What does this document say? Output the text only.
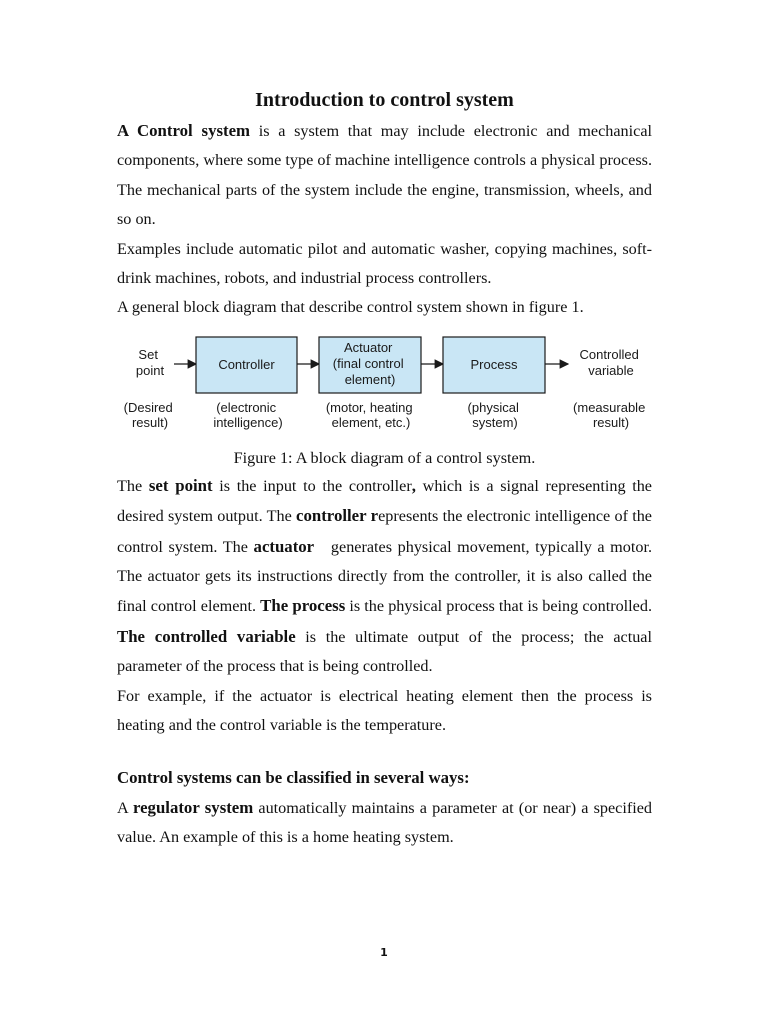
Introduction to control system

A Control system is a system that may include electronic and mechanical components, where some type of machine intelligence controls a physical process. The mechanical parts of the system include the engine, transmission, wheels, and so on.

Examples include automatic pilot and automatic washer, copying machines, soft-drink machines, robots, and industrial process controllers.

A general block diagram that describe control system shown in figure 1.

Set point
(Desired result)
Controller
(electronic intelligence)
Actuator (final control element)
(motor, heating element, etc.)
Process
(physical system)
Controlled variable
(measurable result)

Figure 1: A block diagram of a control system.

The set point is the input to the controller, which is a signal representing the desired system output. The controller represents the electronic intelligence of the control system. The actuator   generates physical movement, typically a motor. The actuator gets its instructions directly from the controller, it is also called the final control element. The process is the physical process that is being controlled. The controlled variable is the ultimate output of the process; the actual parameter of the process that is being controlled.

For example, if the actuator is electrical heating element then the process is heating and the control variable is the temperature.

Control systems can be classified in several ways:

A regulator system automatically maintains a parameter at (or near) a specified value. An example of this is a home heating system.

1
